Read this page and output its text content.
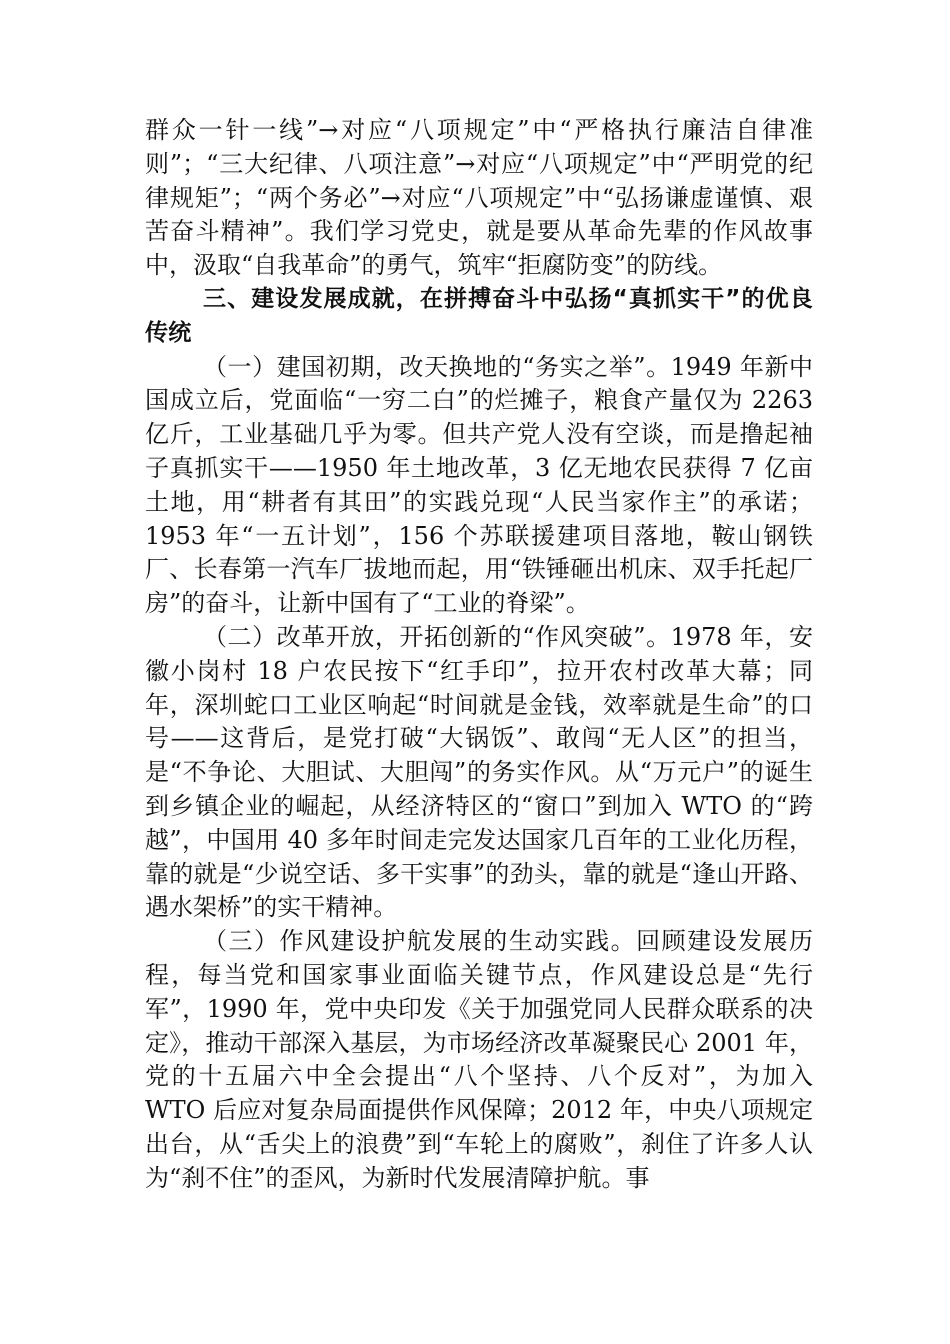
群众一针一线”→对应“八项规定”中“严格执行廉洁自律准则”；“三大纪律、八项注意”→对应“八项规定”中“严明党的纪律规矩”；“两个务必”→对应“八项规定”中“弘扬谦虚谨慎、艰苦奋斗精神”。我们学习党史，就是要从革命先辈的作风故事中，汲取“自我革命”的勇气，筑牢“拒腐防变”的防线。

三、建设发展成就，在拼搏奋斗中弘扬“真抓实干”的优良传统

（一）建国初期，改天换地的“务实之举”。1949 年新中国成立后，党面临“一穷二白”的烂摊子，粮食产量仅为 2263 亿斤，工业基础几乎为零。但共产党人没有空谈，而是撸起袖子真抓实干——1950 年土地改革，3 亿无地农民获得 7 亿亩土地，用“耕者有其田”的实践兑现“人民当家作主”的承诺；1953 年“一五计划”，156 个苏联援建项目落地，鞍山钢铁厂、长春第一汽车厂拔地而起，用“铁锤砸出机床、双手托起厂房”的奋斗，让新中国有了“工业的脊梁”。

（二）改革开放，开拓创新的“作风突破”。1978 年，安徽小岗村 18 户农民按下“红手印”，拉开农村改革大幕；同年，深圳蛇口工业区响起“时间就是金钱，效率就是生命”的口号——这背后，是党打破“大锅饭”、敢闯“无人区”的担当，是“不争论、大胆试、大胆闯”的务实作风。从“万元户”的诞生到乡镇企业的崛起，从经济特区的“窗口”到加入 WTO 的“跨越”，中国用 40 多年时间走完发达国家几百年的工业化历程，靠的就是“少说空话、多干实事”的劲头，靠的就是“逢山开路、遇水架桥”的实干精神。

（三）作风建设护航发展的生动实践。回顾建设发展历程，每当党和国家事业面临关键节点，作风建设总是“先行军”，1990 年，党中央印发《关于加强党同人民群众联系的决定》，推动干部深入基层，为市场经济改革凝聚民心 2001 年，党的十五届六中全会提出“八个坚持、八个反对”，为加入 WTO 后应对复杂局面提供作风保障；2012 年，中央八项规定出台，从“舌尖上的浪费”到“车轮上的腐败”，刹住了许多人认为“刹不住”的歪风，为新时代发展清障护航。事
